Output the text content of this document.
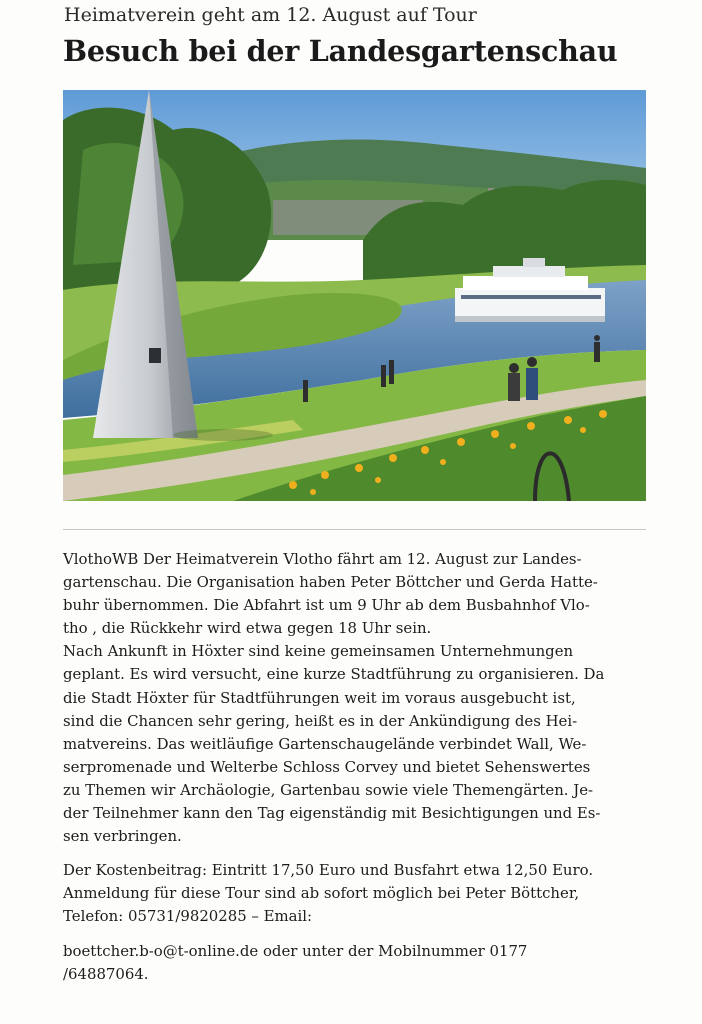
Heimatverein geht am 12. August auf Tour
Besuch bei der Landesgartenschau

VlothoWB Der Heimatverein Vlotho fährt am 12. August zur Landes-
gartenschau. Die Organisation haben Peter Böttcher und Gerda Hatte-
buhr übernommen. Die Abfahrt ist um 9 Uhr ab dem Busbahnhof Vlo-
tho , die Rückkehr wird etwa gegen 18 Uhr sein.
Nach Ankunft in Höxter sind keine gemeinsamen Unternehmungen
geplant. Es wird versucht, eine kurze Stadtführung zu organisieren. Da
die Stadt Höxter für Stadtführungen weit im voraus ausgebucht ist,
sind die Chancen sehr gering, heißt es in der Ankündigung des Hei-
matvereins. Das weitläufige Gartenschaugelände verbindet Wall, We-
serpromenade und Welterbe Schloss Corvey und bietet Sehenswertes
zu Themen wir Archäologie, Gartenbau sowie viele Themengärten. Je-
der Teilnehmer kann den Tag eigenständig mit Besichtigungen und Es-
sen verbringen.

Der Kostenbeitrag: Eintritt 17,50 Euro und Busfahrt etwa 12,50 Euro.
Anmeldung für diese Tour sind ab sofort möglich bei Peter Böttcher,
Telefon: 05731/9820285 – Email:

boettcher.b-o@t-online.de oder unter der Mobilnummer 0177
/64887064.
